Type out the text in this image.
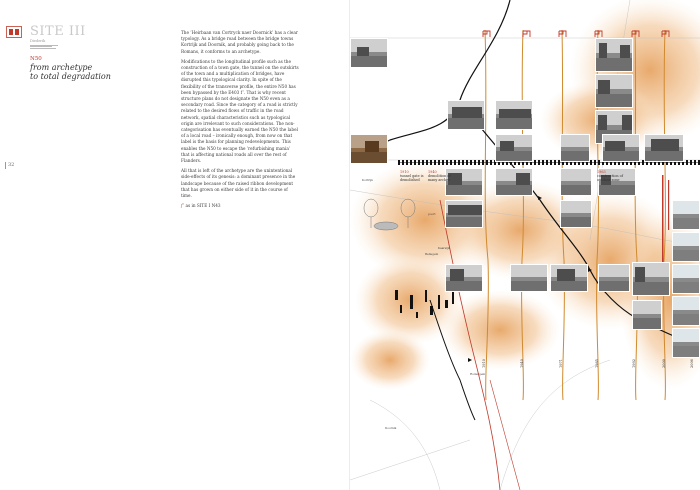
SITE III
Diederik
N50
from archetype
to total degradation
32

The ‘Heirbaan van Cortryck naer Doornick’ has a clear typology. As a bridge road between the bridge towns Kortrijk and Doornik, and probably going back to the Romans, it conforms to an archetype.

Modifications to the longitudinal profile such as the construction of a town gate, the tunnel on the outskirts of the town and a multiplication of bridges, have disrupted this typological clarity. In spite of the flexibility of the transverse profile, the entire N50 has been bypassed by the E403 f’. That is why recent structure plans do not designate the N50 even as a secondary road. Since the category of a road is strictly related to the desired flows of traffic in the road network, spatial characteristics such as typological origin are irrelevant to such considerations. The non-categorisation has eventually earned the N50 the label of a local road – ironically enough, from now on that label is the basis for planning redevelopments. This enables the N50 to escape the ‘refurbishing mania’ that is affecting national roads all over the rest of Flanders.

All that is left of the archetype are the unintentional side-effects of its genesis: a dominant presence in the landscape because of the raised ribbon development that has grown on either side of it in the course of time.

f’ as in SITE I N43

1910
tunnel gate is
demolished
1940
demolition of
many arches
1963
construction of
outdoor zone
poort
Kaarsijk
Bellegem
Rodengem
Doornik
Kortrijk
1910	1940	1971	1985	1992	2000	2006
